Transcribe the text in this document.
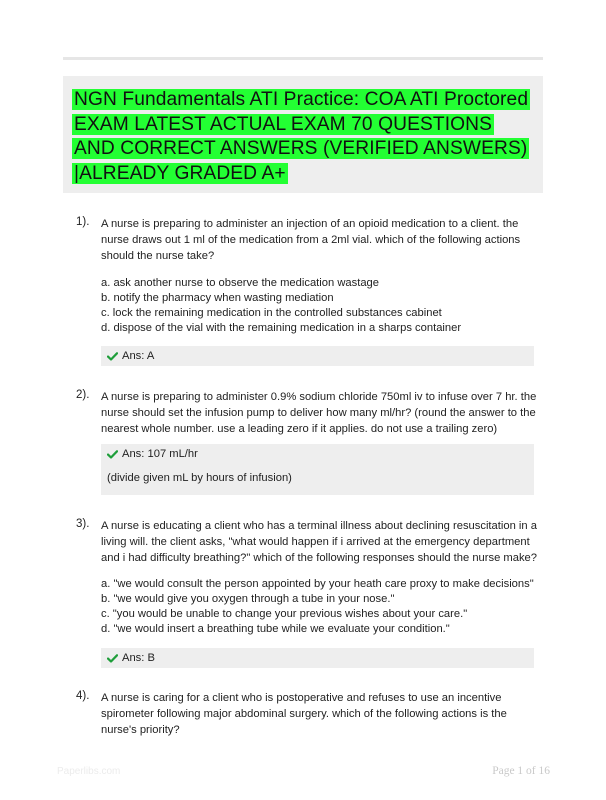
NGN Fundamentals ATI Practice: COA ATI Proctored EXAM LATEST ACTUAL EXAM 70 QUESTIONS AND CORRECT ANSWERS (VERIFIED ANSWERS) |ALREADY GRADED A+
1). A nurse is preparing to administer an injection of an opioid medication to a client. the nurse draws out 1 ml of the medication from a 2ml vial. which of the following actions should the nurse take?
a. ask another nurse to observe the medication wastage
b. notify the pharmacy when wasting mediation
c. lock the remaining medication in the controlled substances cabinet
d. dispose of the vial with the remaining medication in a sharps container
Ans: A
2). A nurse is preparing to administer 0.9% sodium chloride 750ml iv to infuse over 7 hr. the nurse should set the infusion pump to deliver how many ml/hr? (round the answer to the nearest whole number. use a leading zero if it applies. do not use a trailing zero)
Ans: 107 mL/hr
(divide given mL by hours of infusion)
3). A nurse is educating a client who has a terminal illness about declining resuscitation in a living will. the client asks, "what would happen if i arrived at the emergency department and i had difficulty breathing?" which of the following responses should the nurse make?
a. "we would consult the person appointed by your heath care proxy to make decisions"
b. "we would give you oxygen through a tube in your nose."
c. "you would be unable to change your previous wishes about your care."
d. "we would insert a breathing tube while we evaluate your condition."
Ans: B
4). A nurse is caring for a client who is postoperative and refuses to use an incentive spirometer following major abdominal surgery. which of the following actions is the nurse's priority?
Paperlibs.com	Page 1 of 16
